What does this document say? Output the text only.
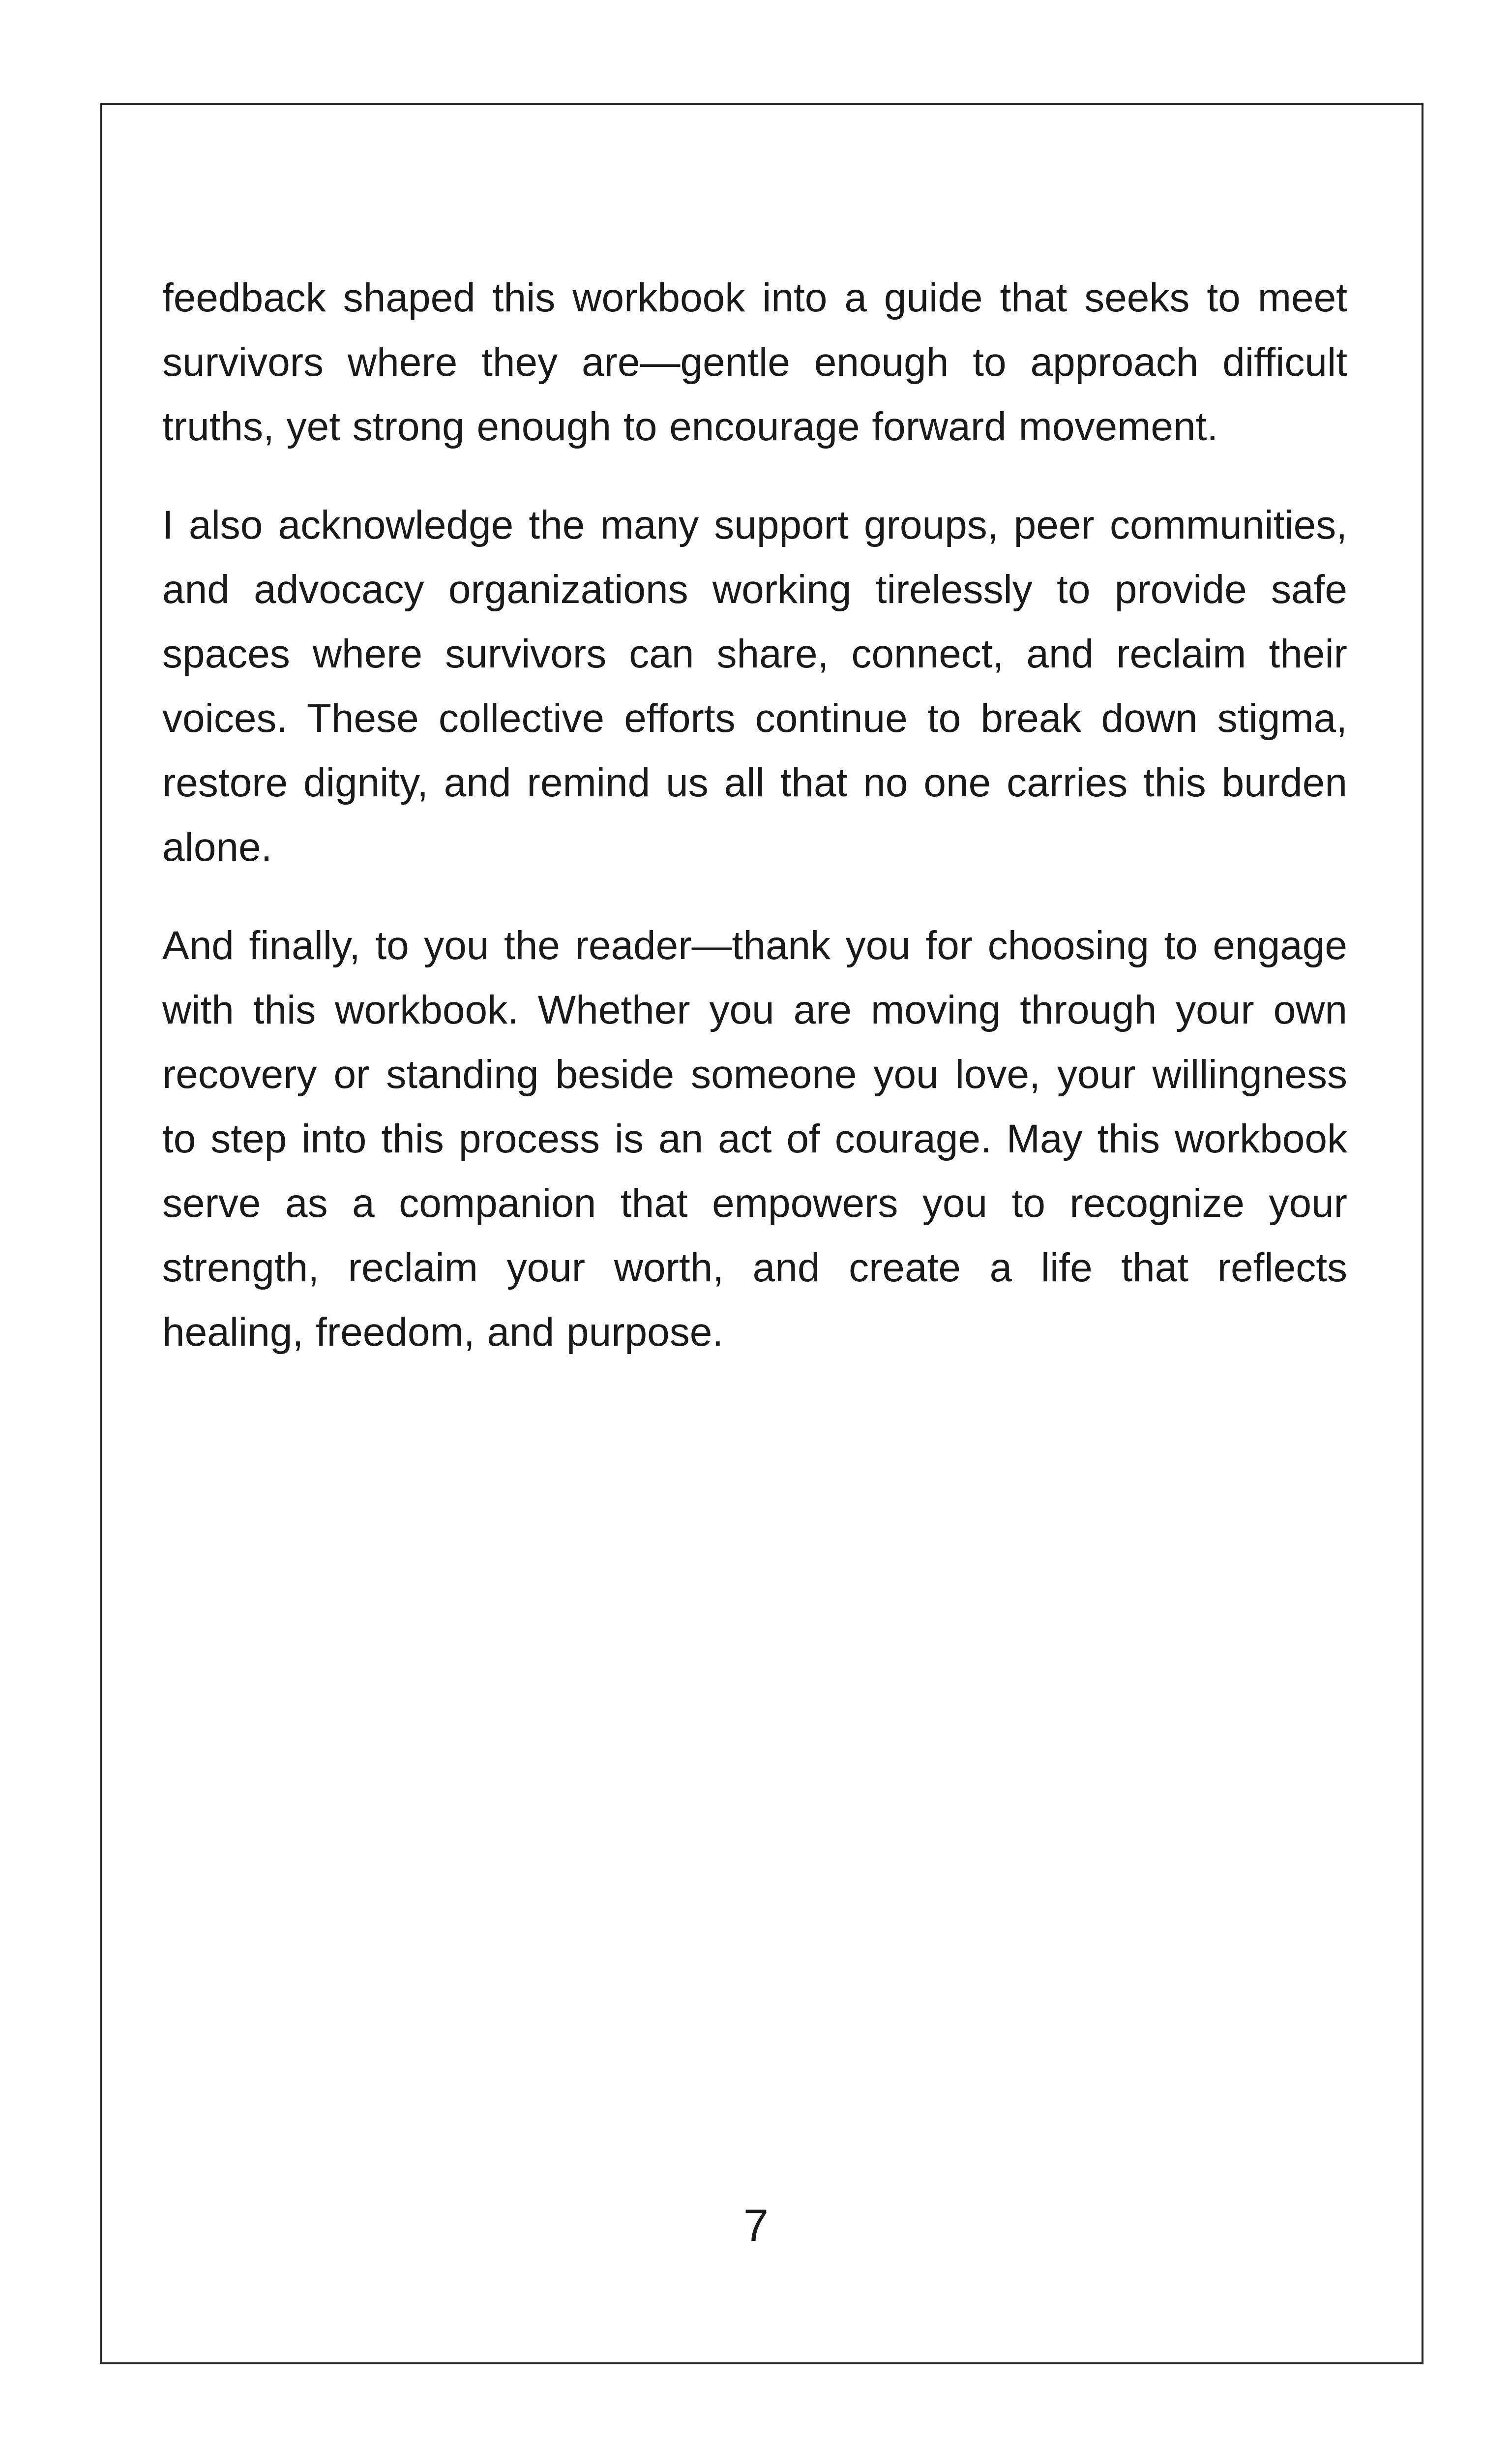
feedback shaped this workbook into a guide that seeks to meet survivors where they are—gentle enough to approach difficult truths, yet strong enough to encourage forward movement.

I also acknowledge the many support groups, peer communities, and advocacy organizations working tirelessly to provide safe spaces where survivors can share, connect, and reclaim their voices. These collective efforts continue to break down stigma, restore dignity, and remind us all that no one carries this burden alone.

And finally, to you the reader—thank you for choosing to engage with this workbook. Whether you are moving through your own recovery or standing beside someone you love, your willingness to step into this process is an act of courage. May this workbook serve as a companion that empowers you to recognize your strength, reclaim your worth, and create a life that reflects healing, freedom, and purpose.

7
